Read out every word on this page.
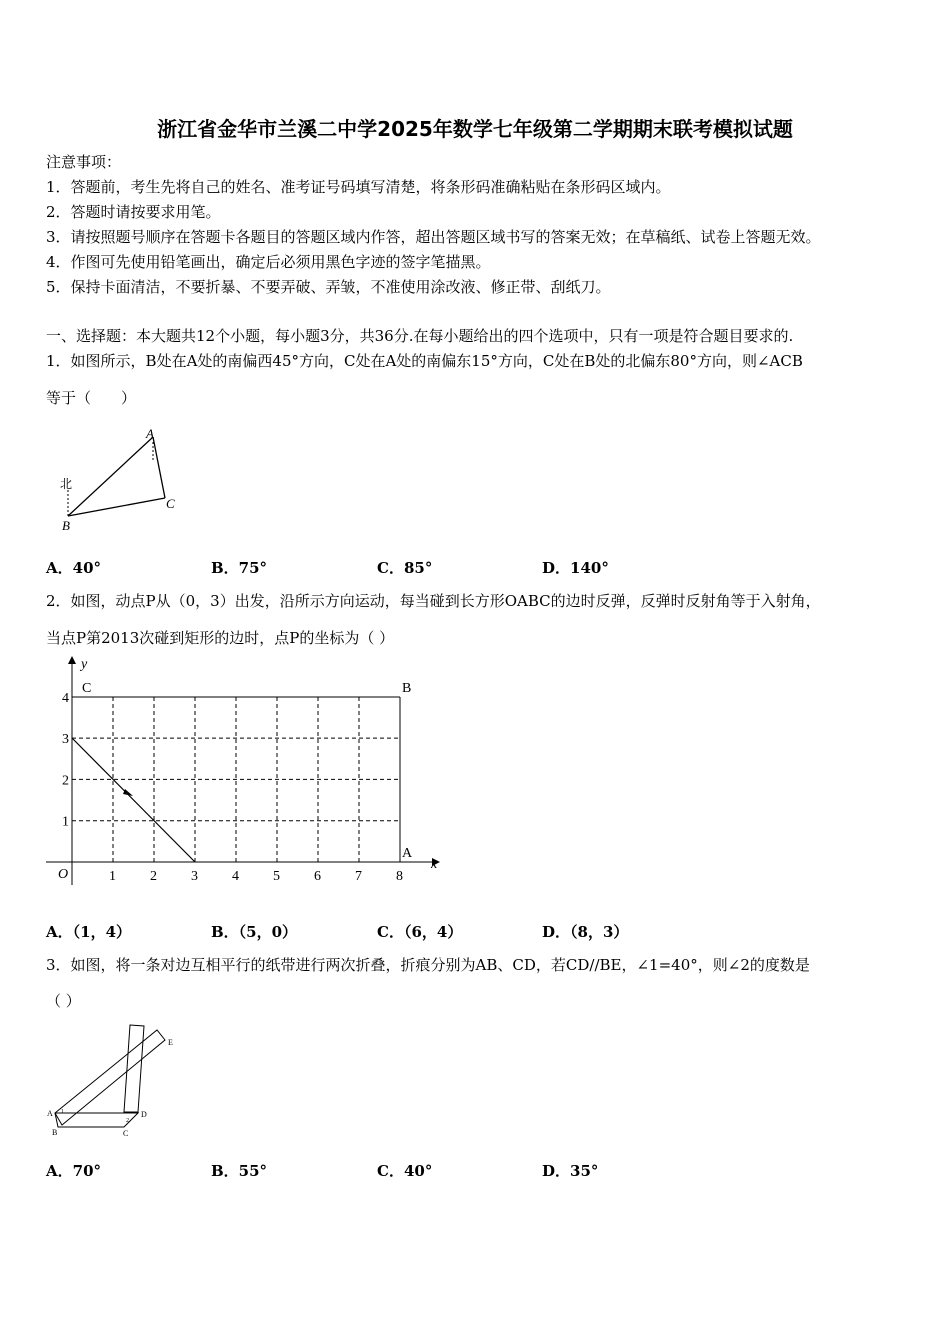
浙江省金华市兰溪二中学2025年数学七年级第二学期期末联考模拟试题
注意事项：
1．答题前，考生先将自己的姓名、准考证号码填写清楚，将条形码准确粘贴在条形码区域内。
2．答题时请按要求用笔。
3．请按照题号顺序在答题卡各题目的答题区域内作答，超出答题区域书写的答案无效；在草稿纸、试卷上答题无效。
4．作图可先使用铅笔画出，确定后必须用黑色字迹的签字笔描黑。
5．保持卡面清洁，不要折暴、不要弄破、弄皱，不准使用涂改液、修正带、刮纸刀。
一、选择题：本大题共12个小题，每小题3分，共36分.在每小题给出的四个选项中，只有一项是符合题目要求的.
1．如图所示，B处在A处的南偏西45°方向，C处在A处的南偏东15°方向，C处在B处的北偏东80°方向，则∠ACB
等于（　　）
A
B
C
北
A．40°	B．75°	C．85°	D．140°
2．如图，动点P从（0，3）出发，沿所示方向运动，每当碰到长方形OABC的边时反弹，反弹时反射角等于入射角，
当点P第2013次碰到矩形的边时，点P的坐标为（ ）
C	B
A
O
y
x
1 2 3 4 5 6 7 8
1
2
3
4
A．（1，4）	B．（5，0）	C．（6，4）	D．（8，3）
3．如图，将一条对边互相平行的纸带进行两次折叠，折痕分别为AB、CD，若CD//BE，∠1=40°，则∠2的度数是
（ ）
A
B	C
D
E
1
2
A．70°	B．55°	C．40°	D．35°
